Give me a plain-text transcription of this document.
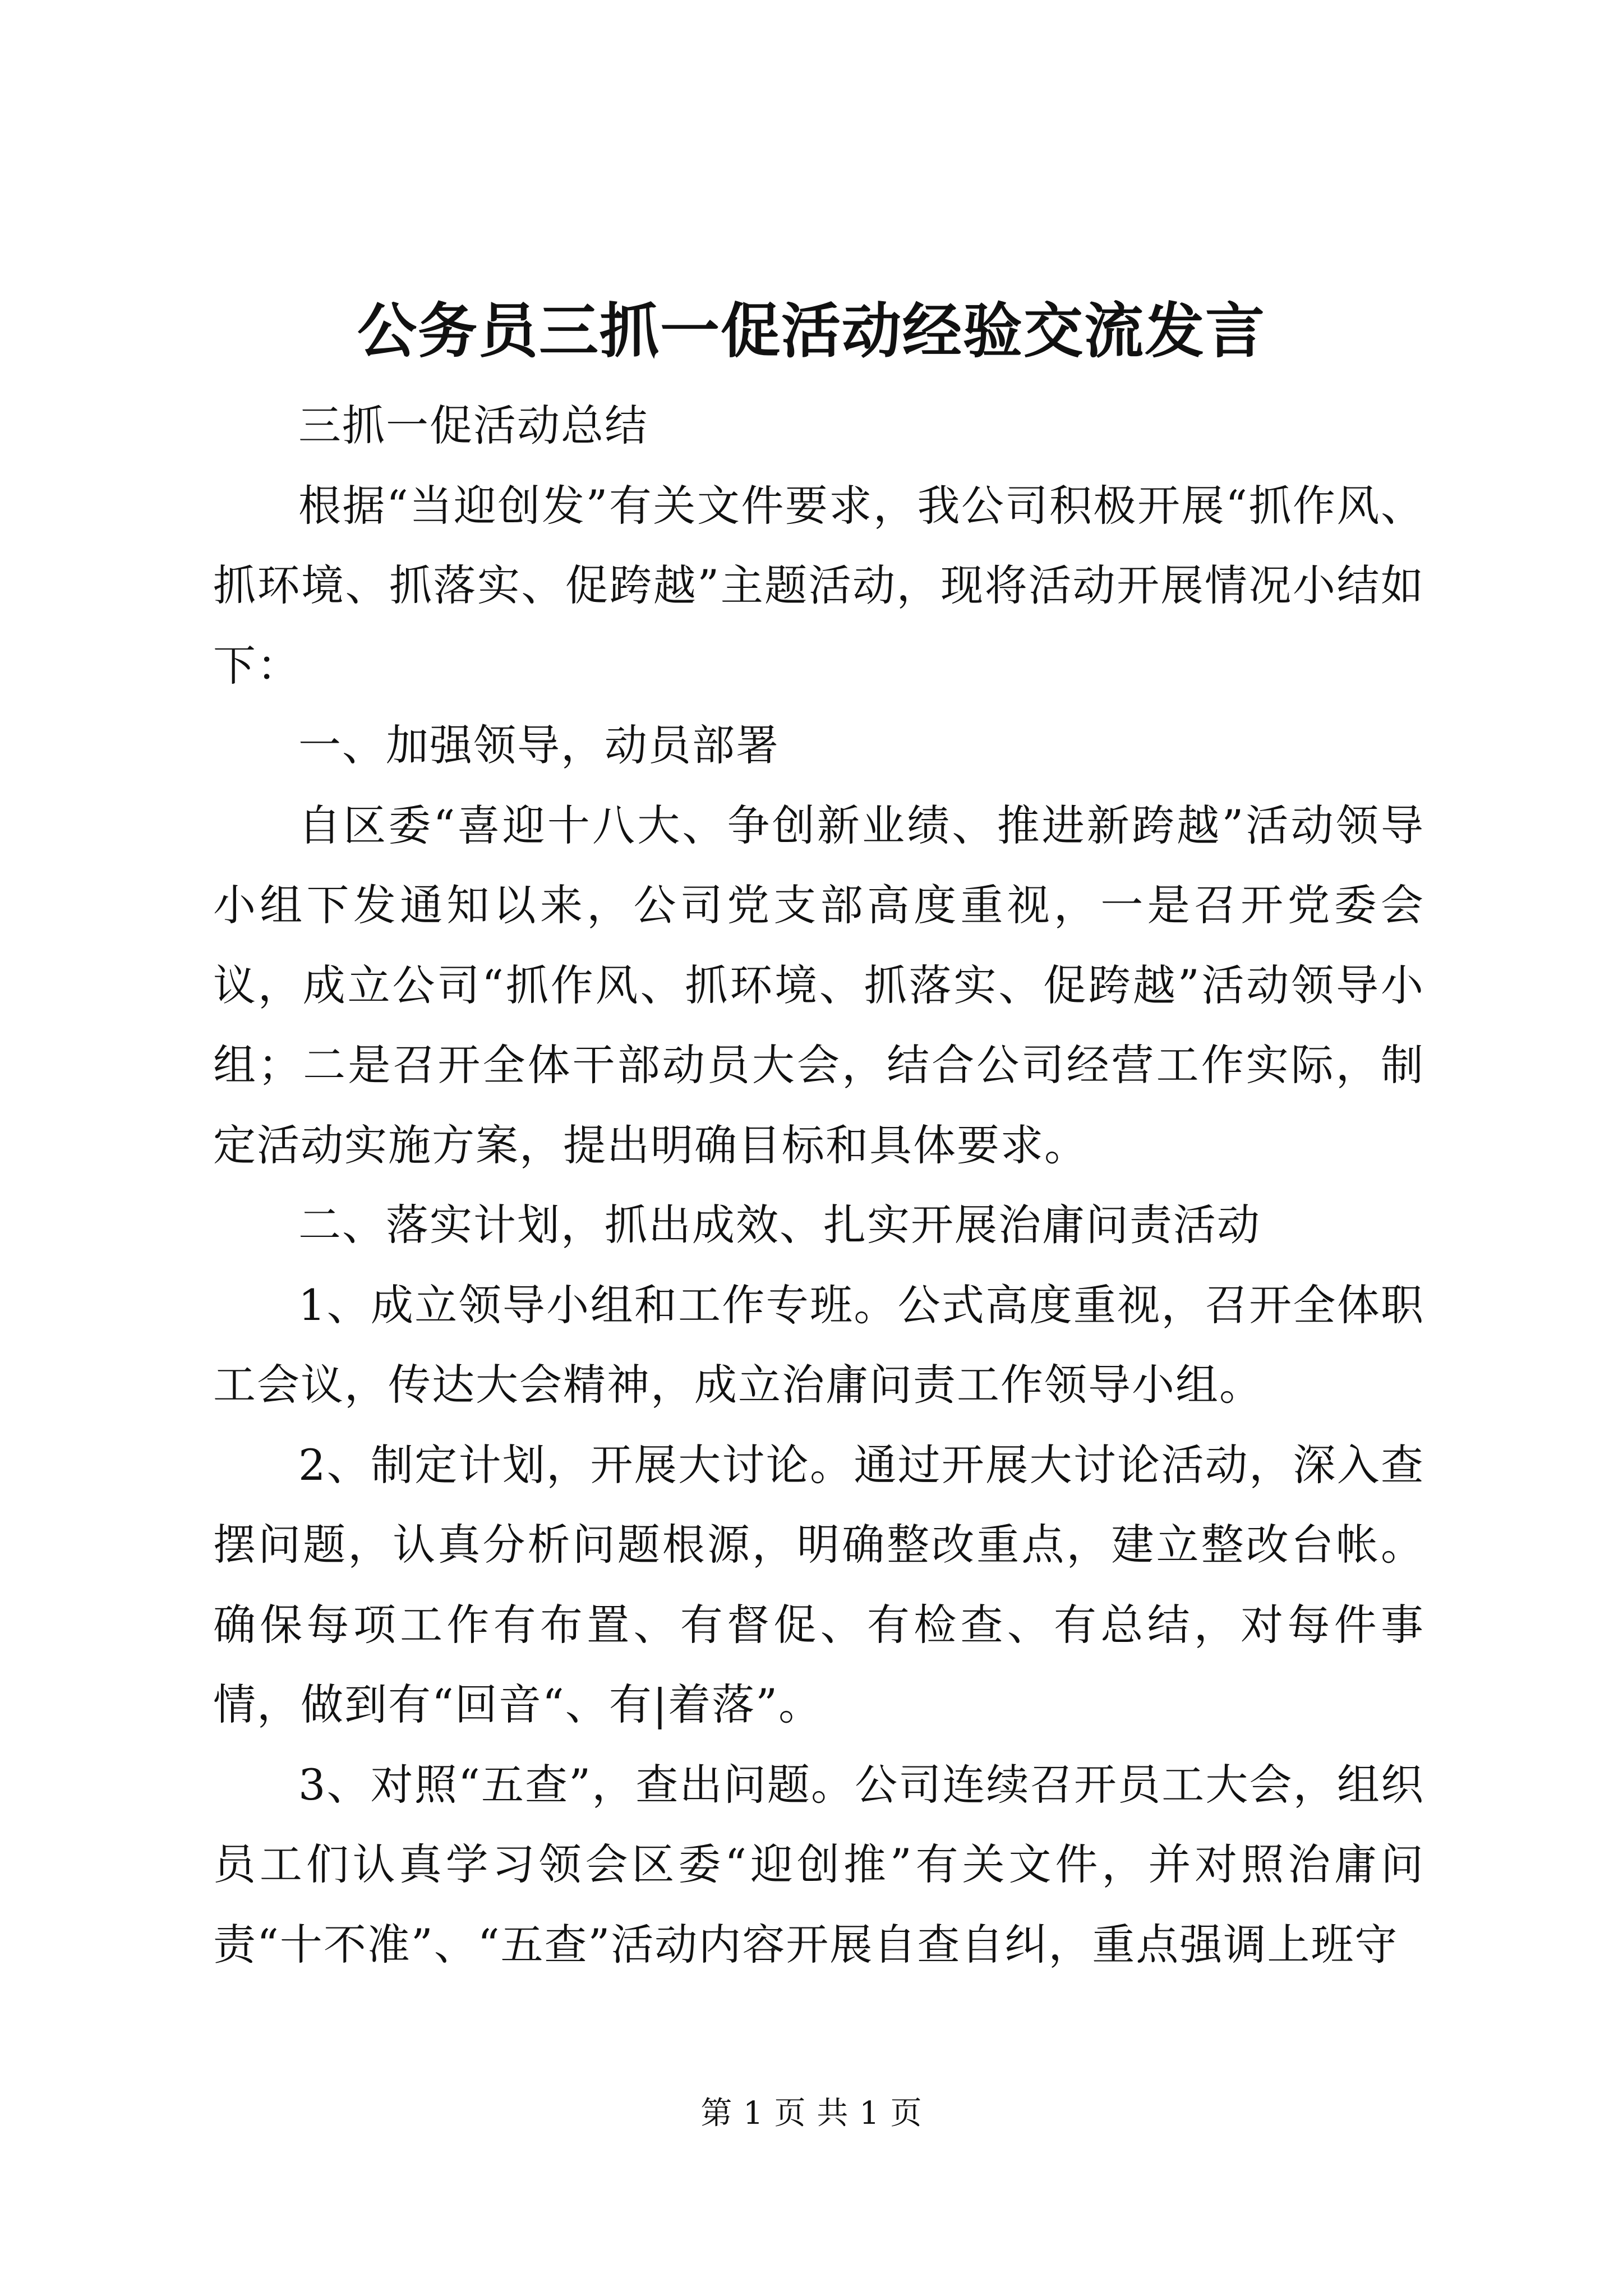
公务员三抓一促活动经验交流发言

三抓一促活动总结

根据“当迎创发”有关文件要求，我公司积极开展“抓作风、抓环境、抓落实、促跨越”主题活动，现将活动开展情况小结如下：

一、加强领导，动员部署

自区委“喜迎十八大、争创新业绩、推进新跨越”活动领导小组下发通知以来，公司党支部高度重视，一是召开党委会议，成立公司“抓作风、抓环境、抓落实、促跨越”活动领导小组；二是召开全体干部动员大会，结合公司经营工作实际，制定活动实施方案，提出明确目标和具体要求。

二、落实计划，抓出成效、扎实开展治庸问责活动

1、成立领导小组和工作专班。公式高度重视，召开全体职工会议，传达大会精神，成立治庸问责工作领导小组。

2、制定计划，开展大讨论。通过开展大讨论活动，深入查摆问题，认真分析问题根源，明确整改重点，建立整改台帐。确保每项工作有布置、有督促、有检查、有总结，对每件事情，做到有“回音“、有|着落”。

3、对照“五查”，查出问题。公司连续召开员工大会，组织员工们认真学习领会区委“迎创推”有关文件，并对照治庸问责“十不准”、“五查”活动内容开展自查自纠，重点强调上班守

第 1 页 共 1 页
